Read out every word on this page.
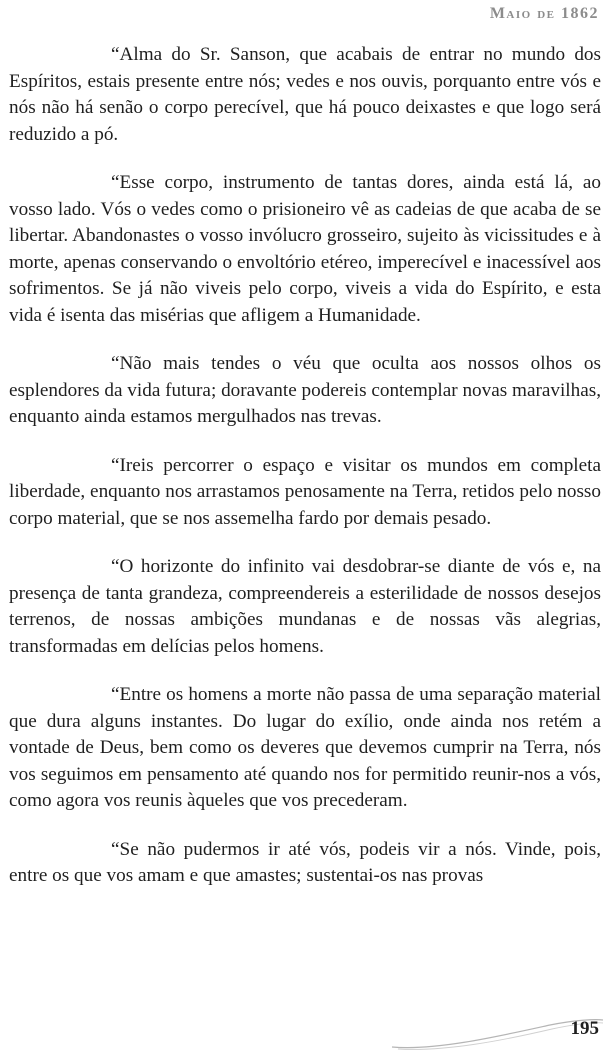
Maio de 1862

“Alma do Sr. Sanson, que acabais de entrar no mundo dos Espíritos, estais presente entre nós; vedes e nos ouvis, porquanto entre vós e nós não há senão o corpo perecível, que há pouco deixastes e que logo será reduzido a pó.

“Esse corpo, instrumento de tantas dores, ainda está lá, ao vosso lado. Vós o vedes como o prisioneiro vê as cadeias de que acaba de se libertar. Abandonastes o vosso invólucro grosseiro, sujeito às vicissitudes e à morte, apenas conservando o envoltório etéreo, imperecível e inacessível aos sofrimentos. Se já não viveis pelo corpo, viveis a vida do Espírito, e esta vida é isenta das misérias que afligem a Humanidade.

“Não mais tendes o véu que oculta aos nossos olhos os esplendores da vida futura; doravante podereis contemplar novas maravilhas, enquanto ainda estamos mergulhados nas trevas.

“Ireis percorrer o espaço e visitar os mundos em completa liberdade, enquanto nos arrastamos penosamente na Terra, retidos pelo nosso corpo material, que se nos assemelha fardo por demais pesado.

“O horizonte do infinito vai desdobrar-se diante de vós e, na presença de tanta grandeza, compreendereis a esterilidade de nossos desejos terrenos, de nossas ambições mundanas e de nossas vãs alegrias, transformadas em delícias pelos homens.

“Entre os homens a morte não passa de uma separação material que dura alguns instantes. Do lugar do exílio, onde ainda nos retém a vontade de Deus, bem como os deveres que devemos cumprir na Terra, nós vos seguimos em pensamento até quando nos for permitido reunir-nos a vós, como agora vos reunis àqueles que vos precederam.

“Se não pudermos ir até vós, podeis vir a nós. Vinde, pois, entre os que vos amam e que amastes; sustentai-os nas provas

195
